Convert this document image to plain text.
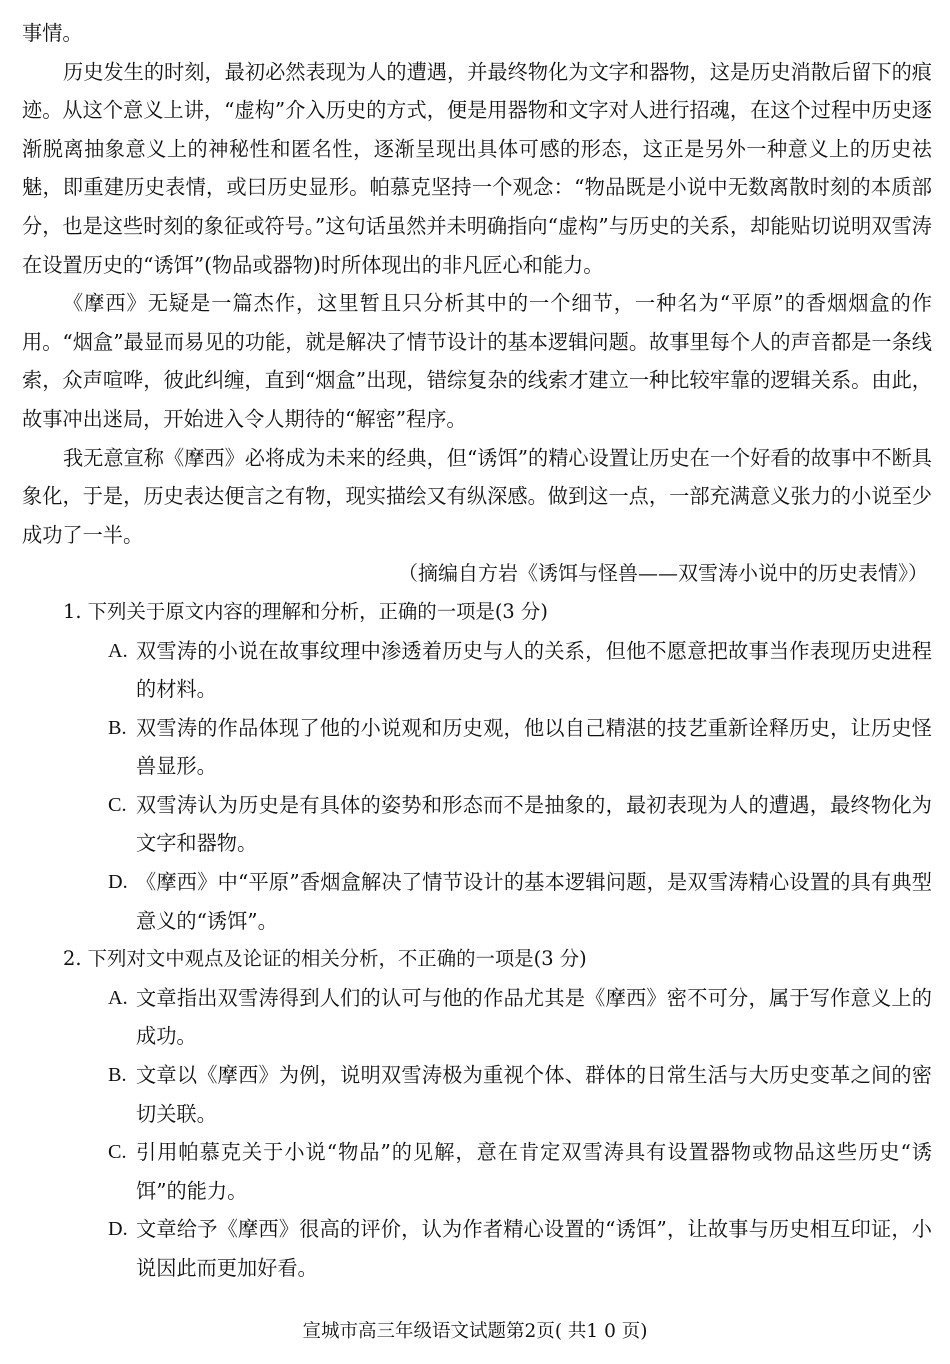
事情。

历史发生的时刻，最初必然表现为人的遭遇，并最终物化为文字和器物，这是历史消散后留下的痕迹。从这个意义上讲，“虚构”介入历史的方式，便是用器物和文字对人进行招魂，在这个过程中历史逐渐脱离抽象意义上的神秘性和匿名性，逐渐呈现出具体可感的形态，这正是另外一种意义上的历史祛魅，即重建历史表情，或曰历史显形。帕慕克坚持一个观念：“物品既是小说中无数离散时刻的本质部分，也是这些时刻的象征或符号。”这句话虽然并未明确指向“虚构”与历史的关系，却能贴切说明双雪涛在设置历史的“诱饵”(物品或器物)时所体现出的非凡匠心和能力。

《摩西》无疑是一篇杰作，这里暂且只分析其中的一个细节，一种名为“平原”的香烟烟盒的作用。“烟盒”最显而易见的功能，就是解决了情节设计的基本逻辑问题。故事里每个人的声音都是一条线索，众声喧哗，彼此纠缠，直到“烟盒”出现，错综复杂的线索才建立一种比较牢靠的逻辑关系。由此，故事冲出迷局，开始进入令人期待的“解密”程序。

我无意宣称《摩西》必将成为未来的经典，但“诱饵”的精心设置让历史在一个好看的故事中不断具象化，于是，历史表达便言之有物，现实描绘又有纵深感。做到这一点，一部充满意义张力的小说至少成功了一半。

（摘编自方岩《诱饵与怪兽——双雪涛小说中的历史表情》）

1. 下列关于原文内容的理解和分析，正确的一项是(3 分)

A. 双雪涛的小说在故事纹理中渗透着历史与人的关系，但他不愿意把故事当作表现历史进程的材料。
B. 双雪涛的作品体现了他的小说观和历史观，他以自己精湛的技艺重新诠释历史，让历史怪兽显形。
C. 双雪涛认为历史是有具体的姿势和形态而不是抽象的，最初表现为人的遭遇，最终物化为文字和器物。
D. 《摩西》中“平原”香烟盒解决了情节设计的基本逻辑问题，是双雪涛精心设置的具有典型意义的“诱饵”。

2. 下列对文中观点及论证的相关分析，不正确的一项是(3 分)

A. 文章指出双雪涛得到人们的认可与他的作品尤其是《摩西》密不可分，属于写作意义上的成功。
B. 文章以《摩西》为例，说明双雪涛极为重视个体、群体的日常生活与大历史变革之间的密切关联。
C. 引用帕慕克关于小说“物品”的见解，意在肯定双雪涛具有设置器物或物品这些历史“诱饵”的能力。
D. 文章给予《摩西》很高的评价，认为作者精心设置的“诱饵”，让故事与历史相互印证，小说因此而更加好看。
宣城市高三年级语文试题第2页( 共1 0 页)
